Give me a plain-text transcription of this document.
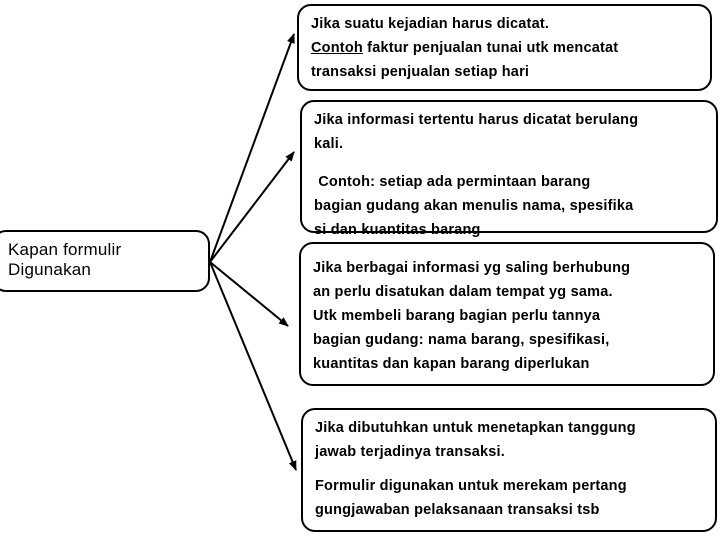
Kapan formulir
Digunakan
Jika suatu kejadian harus dicatat.
Contoh faktur penjualan tunai utk mencatat
transaksi penjualan setiap hari
Jika informasi tertentu harus dicatat berulang
kali.
Contoh: setiap ada permintaan barang
bagian gudang akan menulis nama, spesifika
si dan kuantitas barang
Jika berbagai informasi yg saling berhubung
an perlu disatukan dalam tempat yg sama.
Utk membeli barang bagian perlu tannya
bagian gudang: nama barang, spesifikasi,
kuantitas dan kapan barang diperlukan
Jika dibutuhkan untuk menetapkan tanggung
jawab terjadinya transaksi.
Formulir digunakan untuk merekam pertang
gungjawaban pelaksanaan transaksi tsb
